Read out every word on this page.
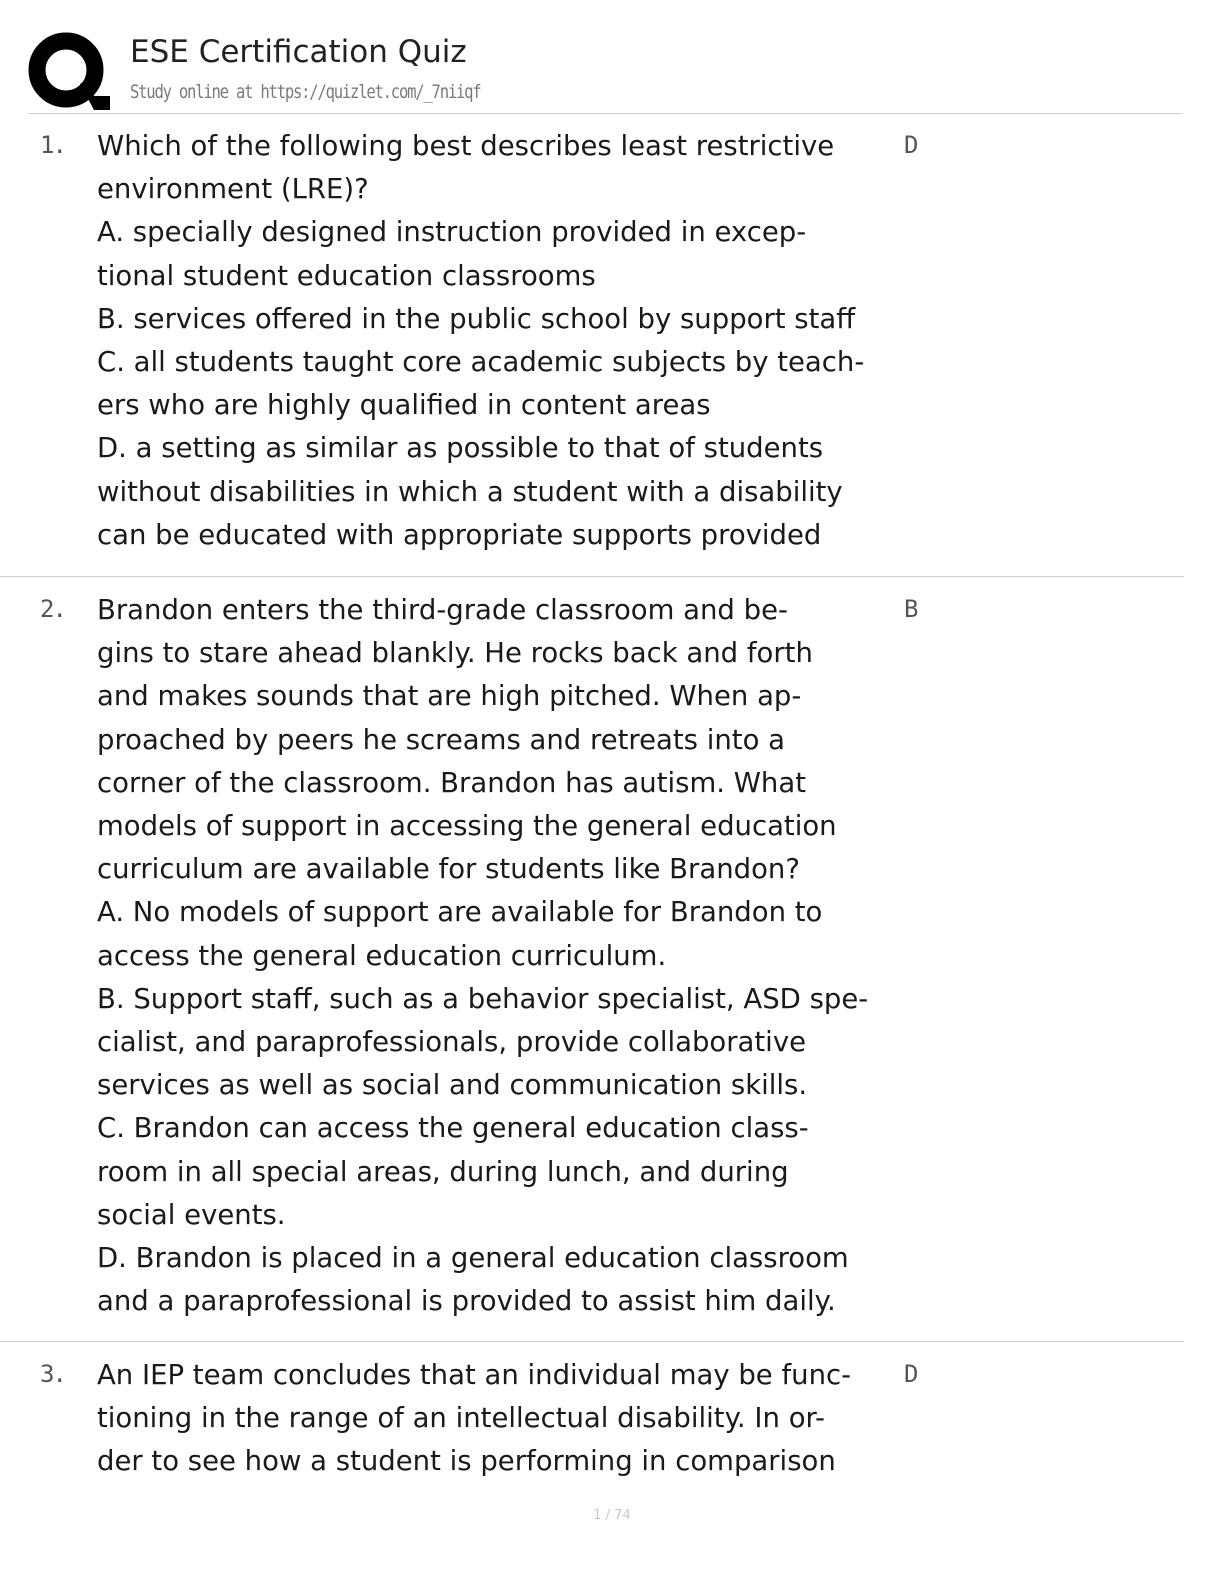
ESE Certification Quiz
Study online at https://quizlet.com/_7niiqf
1. Which of the following best describes least restrictive
environment (LRE)?
A. specially designed instruction provided in excep-
tional student education classrooms
B. services offered in the public school by support staff
C. all students taught core academic subjects by teach-
ers who are highly qualified in content areas
D. a setting as similar as possible to that of students
without disabilities in which a student with a disability
can be educated with appropriate supports provided
D
2. Brandon enters the third-grade classroom and be-
gins to stare ahead blankly. He rocks back and forth
and makes sounds that are high pitched. When ap-
proached by peers he screams and retreats into a
corner of the classroom. Brandon has autism. What
models of support in accessing the general education
curriculum are available for students like Brandon?
A. No models of support are available for Brandon to
access the general education curriculum.
B. Support staff, such as a behavior specialist, ASD spe-
cialist, and paraprofessionals, provide collaborative
services as well as social and communication skills.
C. Brandon can access the general education class-
room in all special areas, during lunch, and during
social events.
D. Brandon is placed in a general education classroom
and a paraprofessional is provided to assist him daily.
B
3. An IEP team concludes that an individual may be func-
tioning in the range of an intellectual disability. In or-
der to see how a student is performing in comparison
D
1 / 74
